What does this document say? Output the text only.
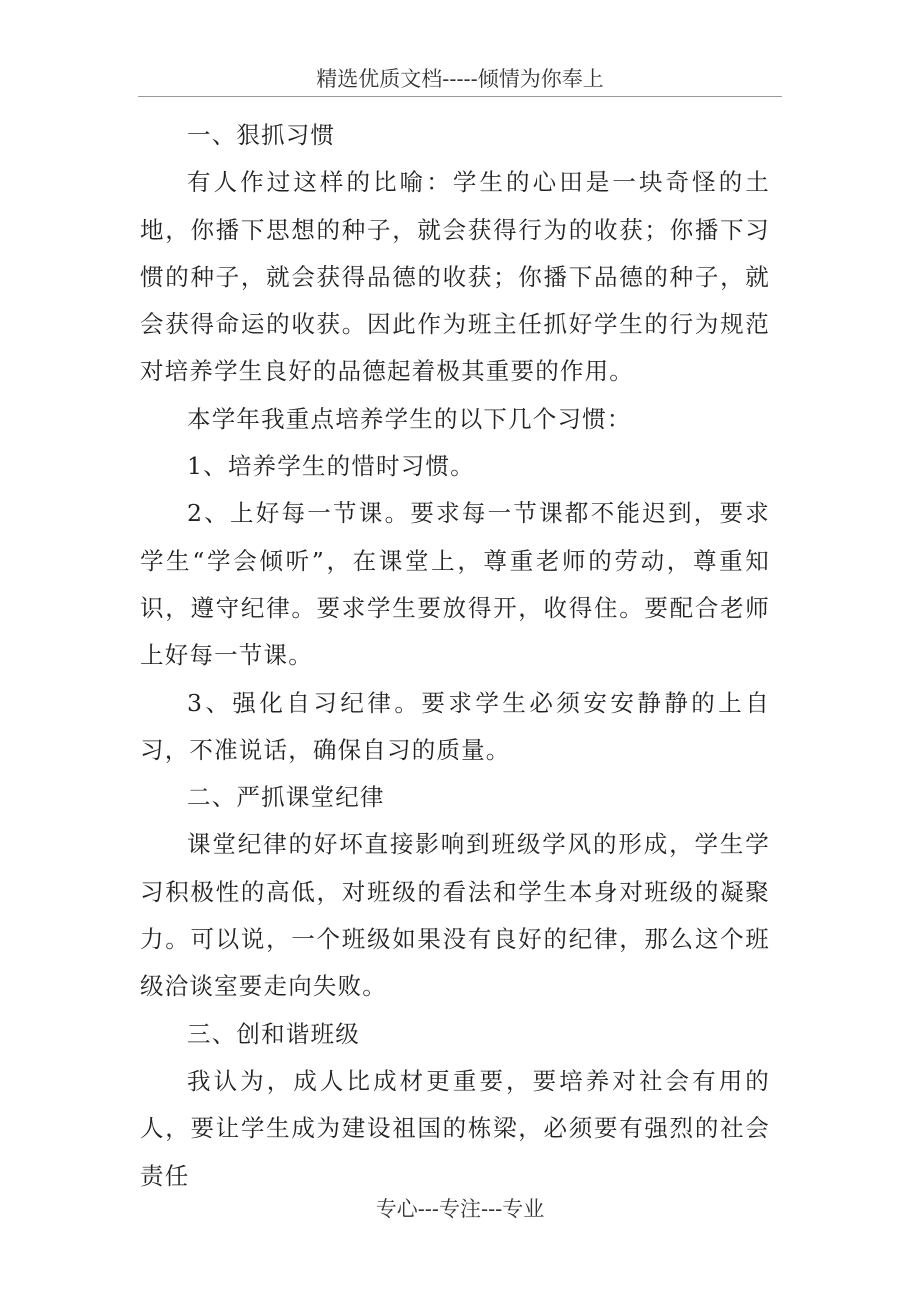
精选优质文档-----倾情为你奉上

一、狠抓习惯

有人作过这样的比喻：学生的心田是一块奇怪的土地，你播下思想的种子，就会获得行为的收获；你播下习惯的种子，就会获得品德的收获；你播下品德的种子，就会获得命运的收获。因此作为班主任抓好学生的行为规范对培养学生良好的品德起着极其重要的作用。

本学年我重点培养学生的以下几个习惯：

1、培养学生的惜时习惯。

2、上好每一节课。要求每一节课都不能迟到，要求学生“学会倾听”，在课堂上，尊重老师的劳动，尊重知识，遵守纪律。要求学生要放得开，收得住。要配合老师上好每一节课。

3、强化自习纪律。要求学生必须安安静静的上自习，不准说话，确保自习的质量。

二、严抓课堂纪律

课堂纪律的好坏直接影响到班级学风的形成，学生学习积极性的高低，对班级的看法和学生本身对班级的凝聚力。可以说，一个班级如果没有良好的纪律，那么这个班级洽谈室要走向失败。

三、创和谐班级

我认为，成人比成材更重要，要培养对社会有用的人，要让学生成为建设祖国的栋梁，必须要有强烈的社会责任

专心---专注---专业
